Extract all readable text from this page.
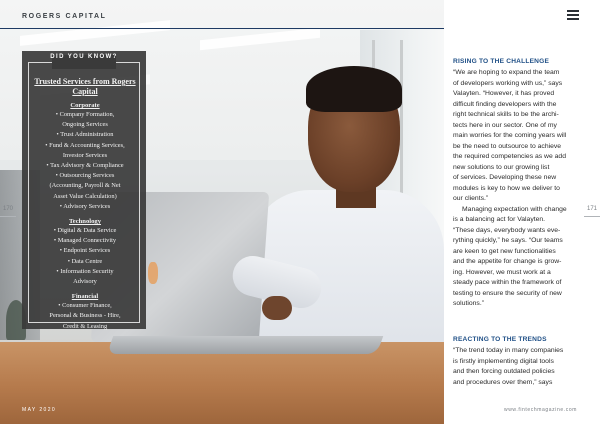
ROGERS CAPITAL
170
MAY 2020
Trusted Services from Rogers Capital
Corporate
• Company Formation,
Ongoing Services
• Trust Administration
• Fund & Accounting Services,
Investor Services
• Tax Advisory & Compliance
• Outsourcing Services
(Accounting, Payroll & Net
Asset Value Calculation)
• Advisory Services
Technology
• Digital & Data Service
• Managed Connectivity
• Endpoint Services
• Data Centre
• Information Security
Advisory
Financial
• Consumer Finance,
Personal & Business - Hire,
Credit & Leasing
DID YOU KNOW?
RISING TO THE CHALLENGE

“We are hoping to expand the team

of developers working with us,” says

Valayten. “However, it has proved

difficult finding developers with the

right technical skills to be the archi-

tects here in our sector. One of my

main worries for the coming years will

be the need to outsource to achieve

the required competencies as we add

new solutions to our growing list

of services. Developing these new

modules is key to how we deliver to

our clients.”

Managing expectation with change

is a balancing act for Valayten.

“These days, everybody wants eve-

rything quickly,” he says. “Our teams

are keen to get new functionalities

and the appetite for change is grow-

ing. However, we must work at a

steady pace within the framework of

testing to ensure the security of new

solutions.”

REACTING TO THE TRENDS

“The trend today in many companies

is firstly implementing digital tools

and then forcing outdated policies

and procedures over them,” says

171
www.fintechmagazine.com
